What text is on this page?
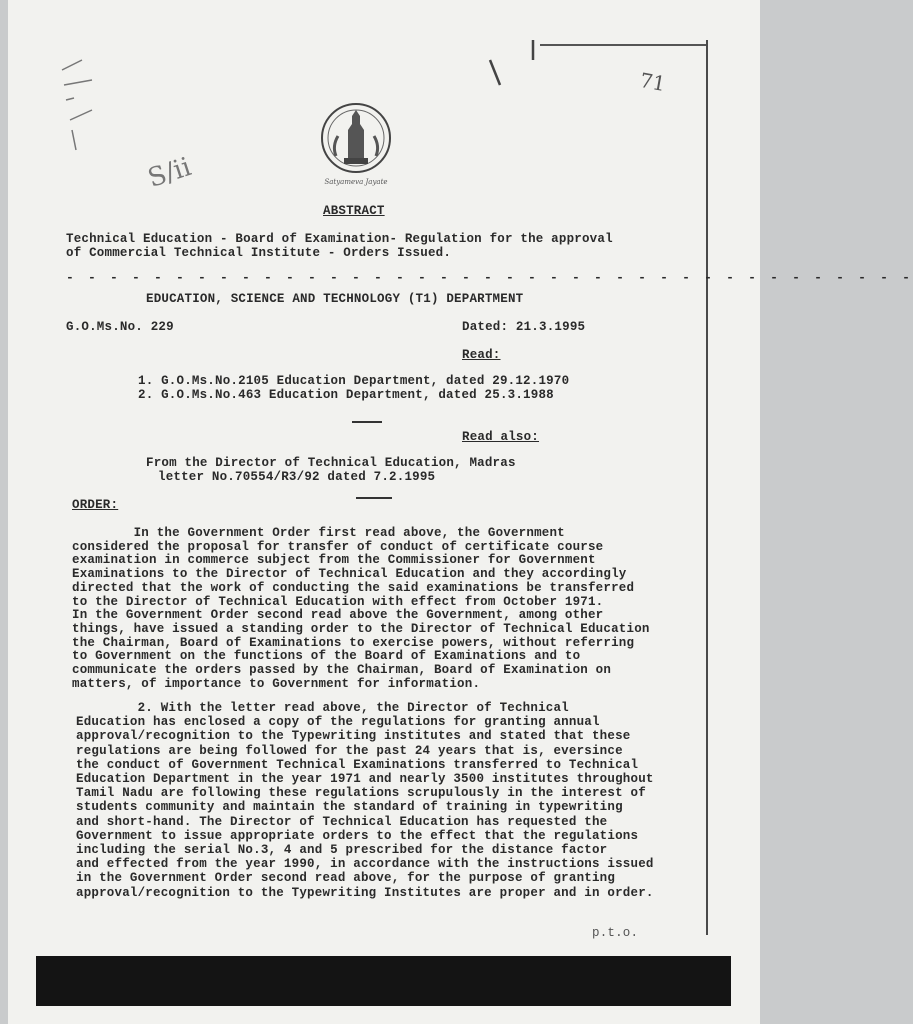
71
S/ii	Satyameva Jayate
ABSTRACT
Technical Education - Board of Examination- Regulation for the approval
of Commercial Technical Institute - Orders Issued.
- - - - - - - - - - - - - - - - - - - - - - - - - - - - - - - - - - - - - - -
EDUCATION, SCIENCE AND TECHNOLOGY (T1) DEPARTMENT
G.O.Ms.No. 229	Dated: 21.3.1995
Read:
1. G.O.Ms.No.2105 Education Department, dated 29.12.1970
2. G.O.Ms.No.463 Education Department, dated 25.3.1988
Read also:
From the Director of Technical Education, Madras
letter No.70554/R3/92 dated 7.2.1995
ORDER:
In the Government Order first read above, the Government
considered the proposal for transfer of conduct of certificate course
examination in commerce subject from the Commissioner for Government
Examinations to the Director of Technical Education and they accordingly
directed that the work of conducting the said examinations be transferred
to the Director of Technical Education with effect from October 1971.
In the Government Order second read above the Government, among other
things, have issued a standing order to the Director of Technical Education
the Chairman, Board of Examinations to exercise powers, without referring
to Government on the functions of the Board of Examinations and to
communicate the orders passed by the Chairman, Board of Examination on
matters, of importance to Government for information.
2. With the letter read above, the Director of Technical
Education has enclosed a copy of the regulations for granting annual
approval/recognition to the Typewriting institutes and stated that these
regulations are being followed for the past 24 years that is, eversince
the conduct of Government Technical Examinations transferred to Technical
Education Department in the year 1971 and nearly 3500 institutes throughout
Tamil Nadu are following these regulations scrupulously in the interest of
students community and maintain the standard of training in typewriting
and short-hand. The Director of Technical Education has requested the
Government to issue appropriate orders to the effect that the regulations
including the serial No.3, 4 and 5 prescribed for the distance factor
and effected from the year 1990, in accordance with the instructions issued
in the Government Order second read above, for the purpose of granting
approval/recognition to the Typewriting Institutes are proper and in order.
p.t.o.
